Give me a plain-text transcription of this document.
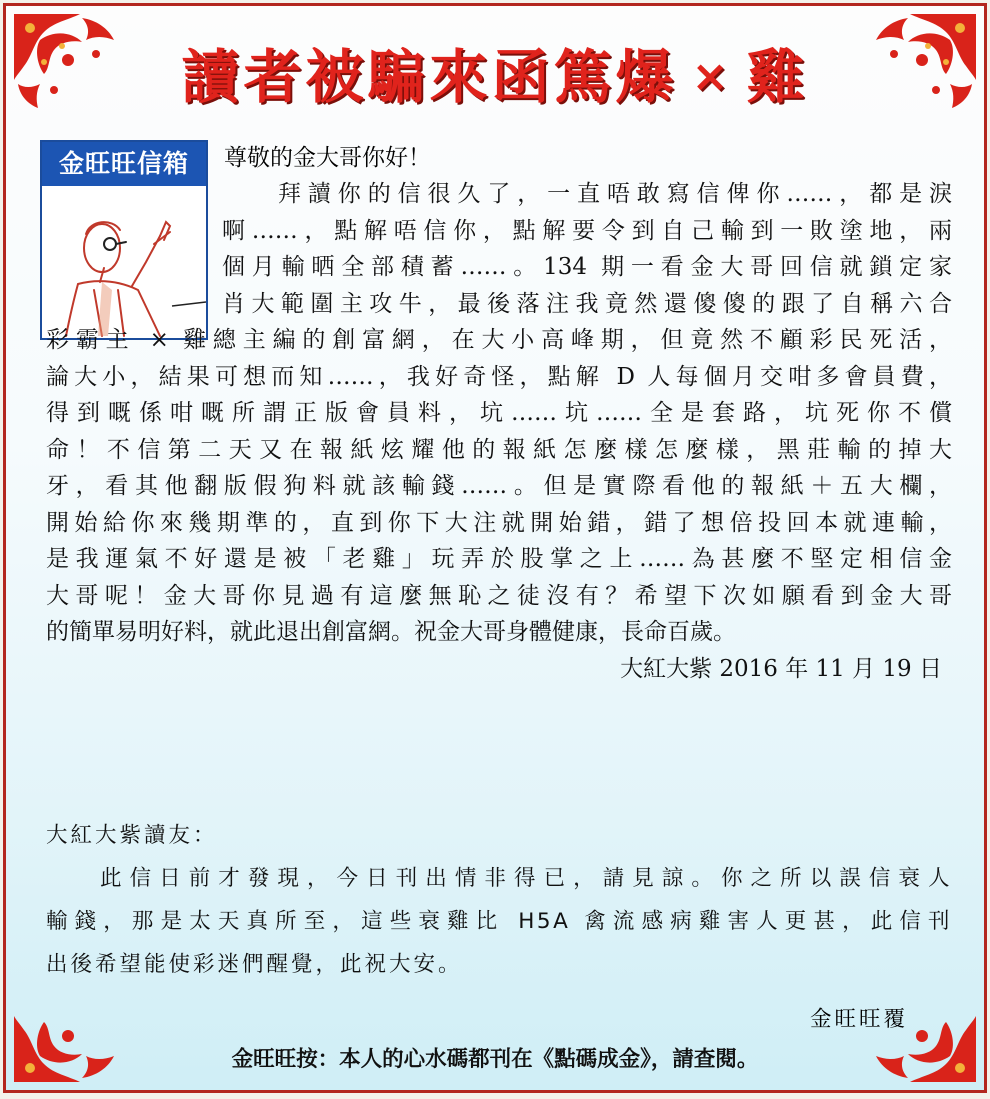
讀者被騙來函篤爆 × 雞
金旺旺信箱	尊敬的金大哥你好！
拜讀你的信很久了，一直唔敢寫信俾你……，都是淚
啊……，點解唔信你，點解要令到自己輸到一敗塗地，兩
個月輸晒全部積蓄……。134 期一看金大哥回信就鎖定家
肖大範圍主攻牛，最後落注我竟然還傻傻的跟了自稱六合
彩霸主 × 雞總主編的創富網，在大小高峰期，但竟然不顧彩民死活，
論大小，結果可想而知……，我好奇怪，點解 D 人每個月交咁多會員費，
得到嘅係咁嘅所謂正版會員料，坑……坑……全是套路，坑死你不償
命！不信第二天又在報紙炫耀他的報紙怎麼樣怎麼樣，黑莊輸的掉大
牙，看其他翻版假狗料就該輸錢……。但是實際看他的報紙＋五大欄，
開始給你來幾期準的，直到你下大注就開始錯，錯了想倍投回本就連輸，
是我運氣不好還是被「老雞」玩弄於股掌之上……為甚麼不堅定相信金
大哥呢！金大哥你見過有這麼無恥之徒沒有？希望下次如願看到金大哥
的簡單易明好料，就此退出創富網。祝金大哥身體健康，長命百歲。
大紅大紫 2016 年 11 月 19 日
大紅大紫讀友：
此信日前才發現，今日刊出情非得已，請見諒。你之所以誤信衰人
輸錢，那是太天真所至，這些衰雞比 H5A 禽流感病雞害人更甚，此信刊
出後希望能使彩迷們醒覺，此祝大安。
金旺旺覆
金旺旺按：本人的心水碼都刊在《點碼成金》，請查閱。
